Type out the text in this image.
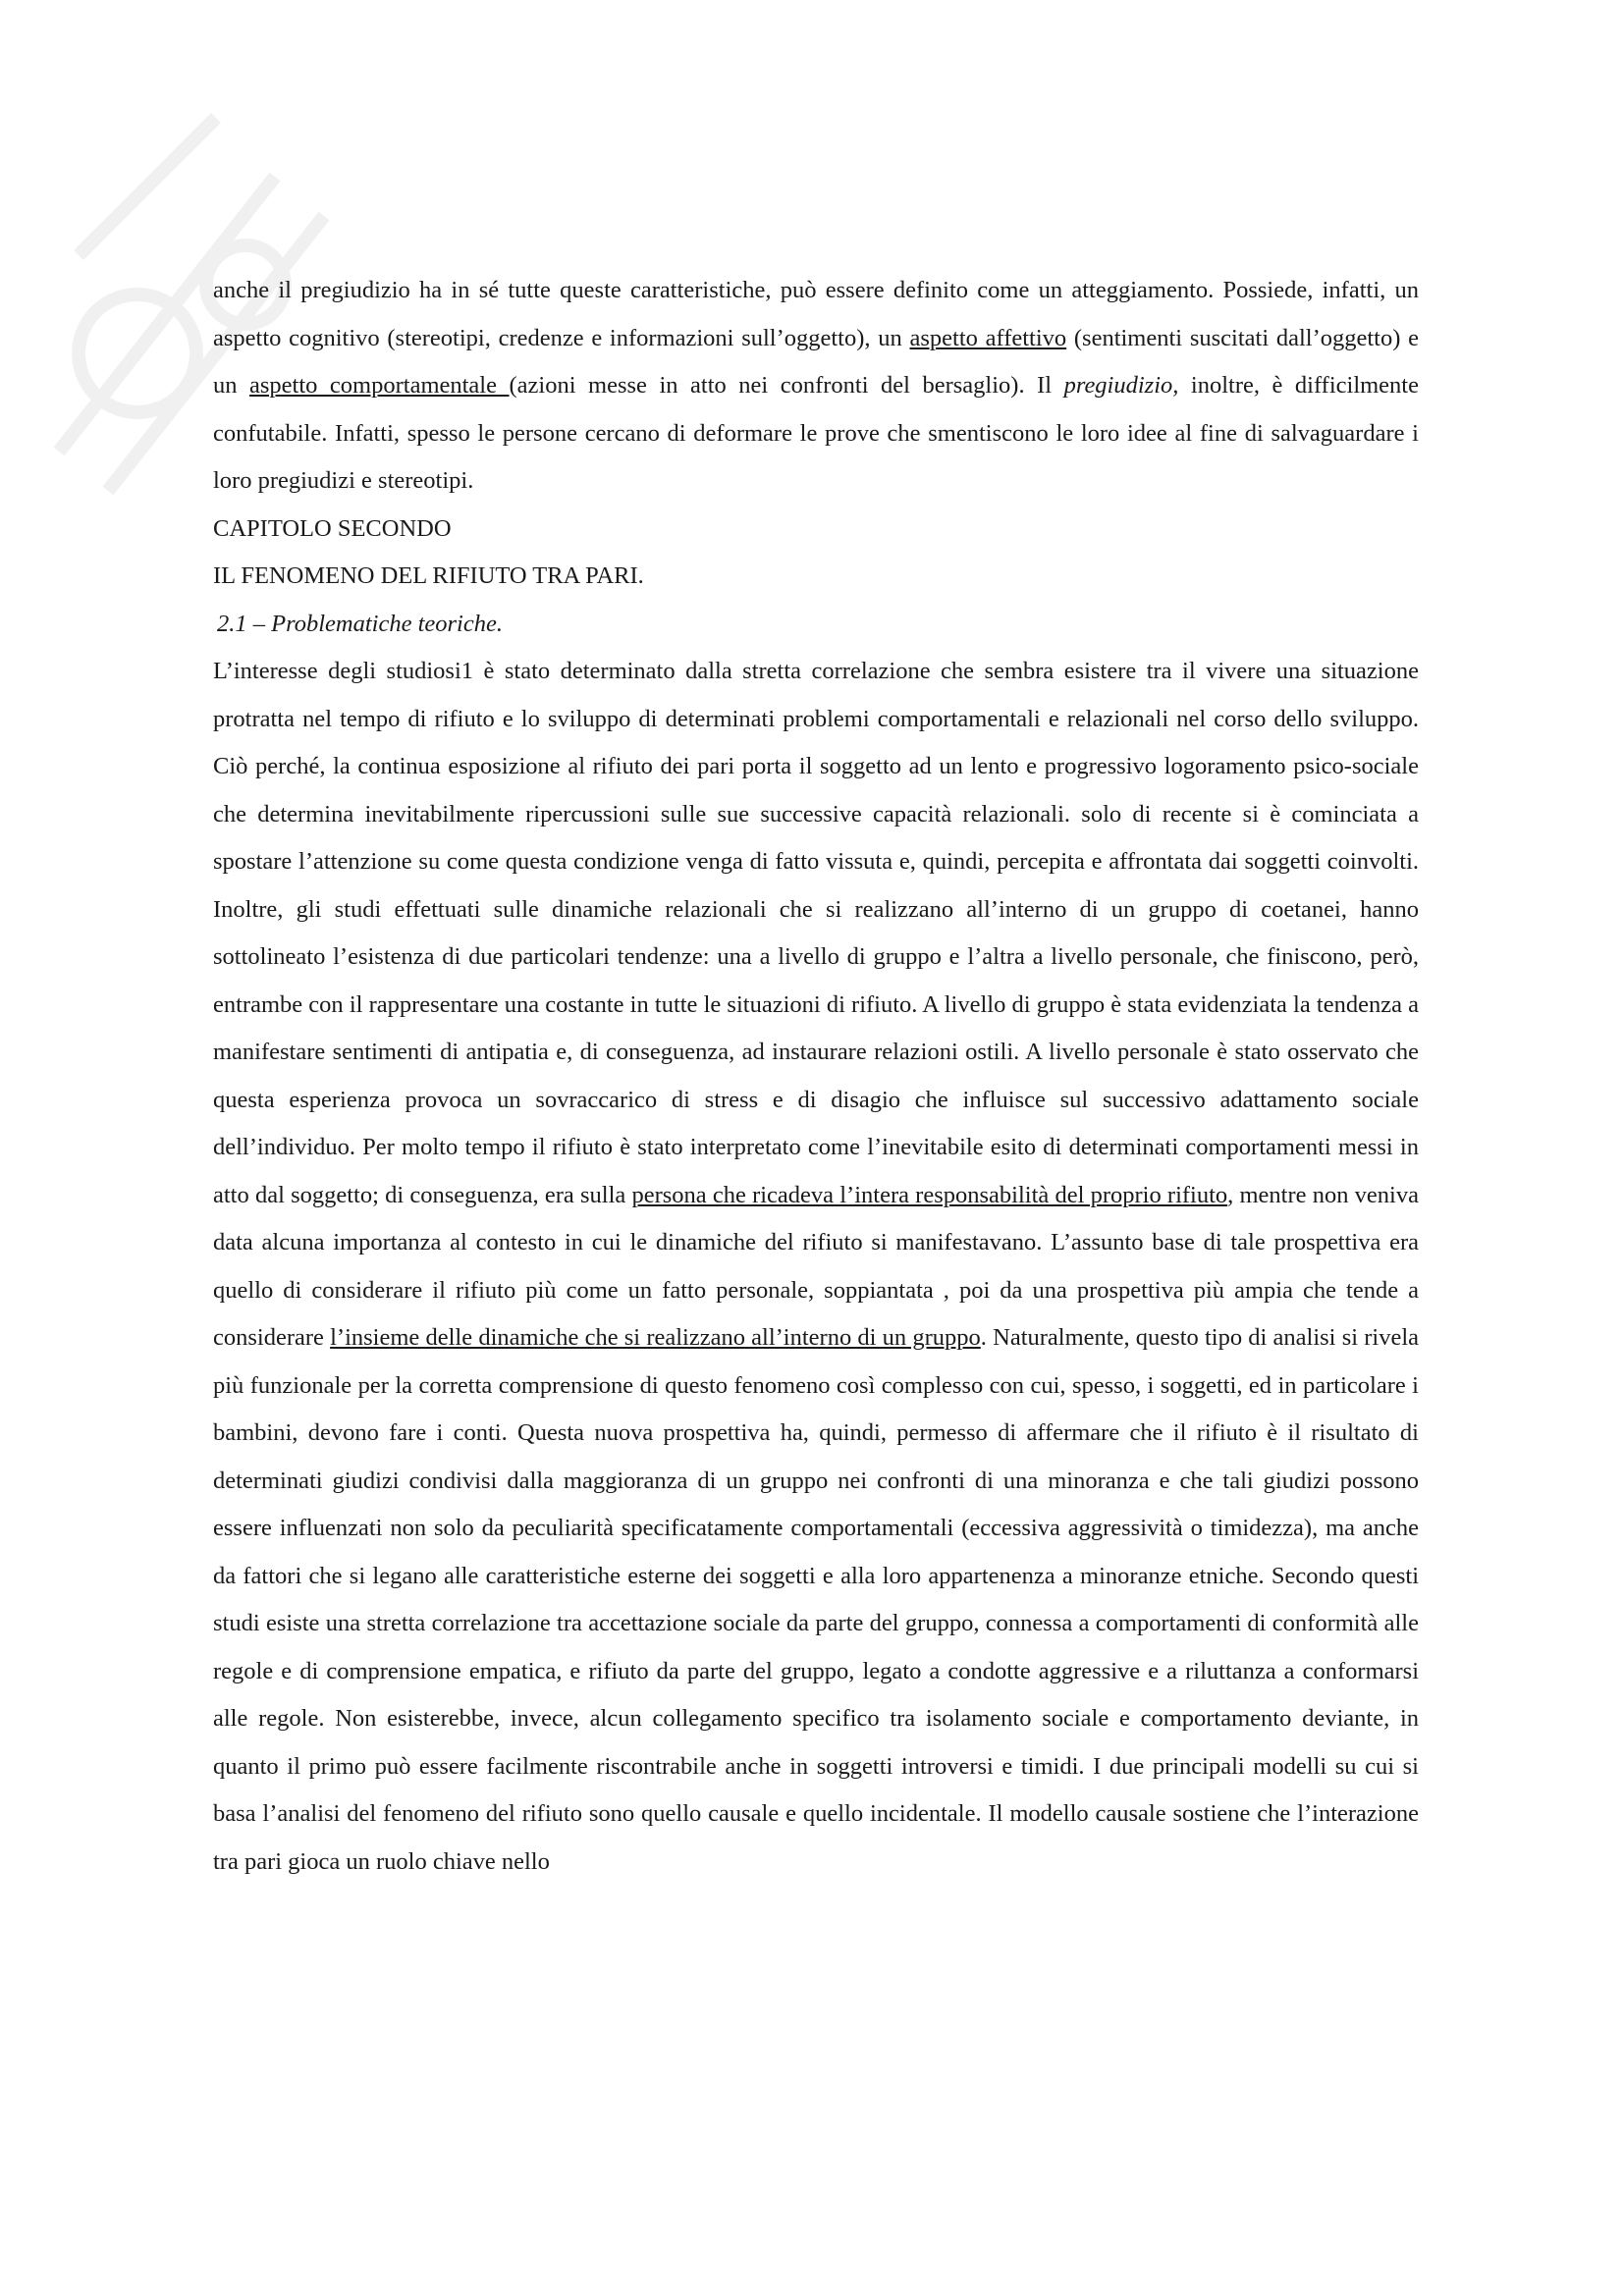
anche il pregiudizio ha in sé tutte queste caratteristiche, può essere definito come un atteggiamento. Possiede, infatti, un aspetto cognitivo (stereotipi, credenze e informazioni sull’oggetto), un aspetto affettivo (sentimenti suscitati dall’oggetto) e un aspetto comportamentale (azioni messe in atto nei confronti del bersaglio). Il pregiudizio, inoltre, è difficilmente confutabile. Infatti, spesso le persone cercano di deformare le prove che smentiscono le loro idee al fine di salvaguardare i loro pregiudizi e stereotipi.

CAPITOLO SECONDO

IL FENOMENO DEL RIFIUTO TRA PARI.

2.1 – Problematiche teoriche.

L’interesse degli studiosi1 è stato determinato dalla stretta correlazione che sembra esistere tra il vivere una situazione protratta nel tempo di rifiuto e lo sviluppo di determinati problemi comportamentali e relazionali nel corso dello sviluppo. Ciò perché, la continua esposizione al rifiuto dei pari porta il soggetto ad un lento e progressivo logoramento psico-sociale che determina inevitabilmente ripercussioni sulle sue successive capacità relazionali. solo di recente si è cominciata a spostare l’attenzione su come questa condizione venga di fatto vissuta e, quindi, percepita e affrontata dai soggetti coinvolti. Inoltre, gli studi effettuati sulle dinamiche relazionali che si realizzano all’interno di un gruppo di coetanei, hanno sottolineato l’esistenza di due particolari tendenze: una a livello di gruppo e l’altra a livello personale, che finiscono, però, entrambe con il rappresentare una costante in tutte le situazioni di rifiuto. A livello di gruppo è stata evidenziata la tendenza a manifestare sentimenti di antipatia e, di conseguenza, ad instaurare relazioni ostili. A livello personale è stato osservato che questa esperienza provoca un sovraccarico di stress e di disagio che influisce sul successivo adattamento sociale dell’individuo. Per molto tempo il rifiuto è stato interpretato come l’inevitabile esito di determinati comportamenti messi in atto dal soggetto; di conseguenza, era sulla persona che ricadeva l’intera responsabilità del proprio rifiuto, mentre non veniva data alcuna importanza al contesto in cui le dinamiche del rifiuto si manifestavano. L’assunto base di tale prospettiva era quello di considerare il rifiuto più come un fatto personale, soppiantata , poi da una prospettiva più ampia che tende a considerare l’insieme delle dinamiche che si realizzano all’interno di un gruppo. Naturalmente, questo tipo di analisi si rivela più funzionale per la corretta comprensione di questo fenomeno così complesso con cui, spesso, i soggetti, ed in particolare i bambini, devono fare i conti. Questa nuova prospettiva ha, quindi, permesso di affermare che il rifiuto è il risultato di determinati giudizi condivisi dalla maggioranza di un gruppo nei confronti di una minoranza e che tali giudizi possono essere influenzati non solo da peculiarità specificatamente comportamentali (eccessiva aggressività o timidezza), ma anche da fattori che si legano alle caratteristiche esterne dei soggetti e alla loro appartenenza a minoranze etniche. Secondo questi studi esiste una stretta correlazione tra accettazione sociale da parte del gruppo, connessa a comportamenti di conformità alle regole e di comprensione empatica, e rifiuto da parte del gruppo, legato a condotte aggressive e a riluttanza a conformarsi alle regole. Non esisterebbe, invece, alcun collegamento specifico tra isolamento sociale e comportamento deviante, in quanto il primo può essere facilmente riscontrabile anche in soggetti introversi e timidi. I due principali modelli su cui si basa l’analisi del fenomeno del rifiuto sono quello causale e quello incidentale. Il modello causale sostiene che l’interazione tra pari gioca un ruolo chiave nello
